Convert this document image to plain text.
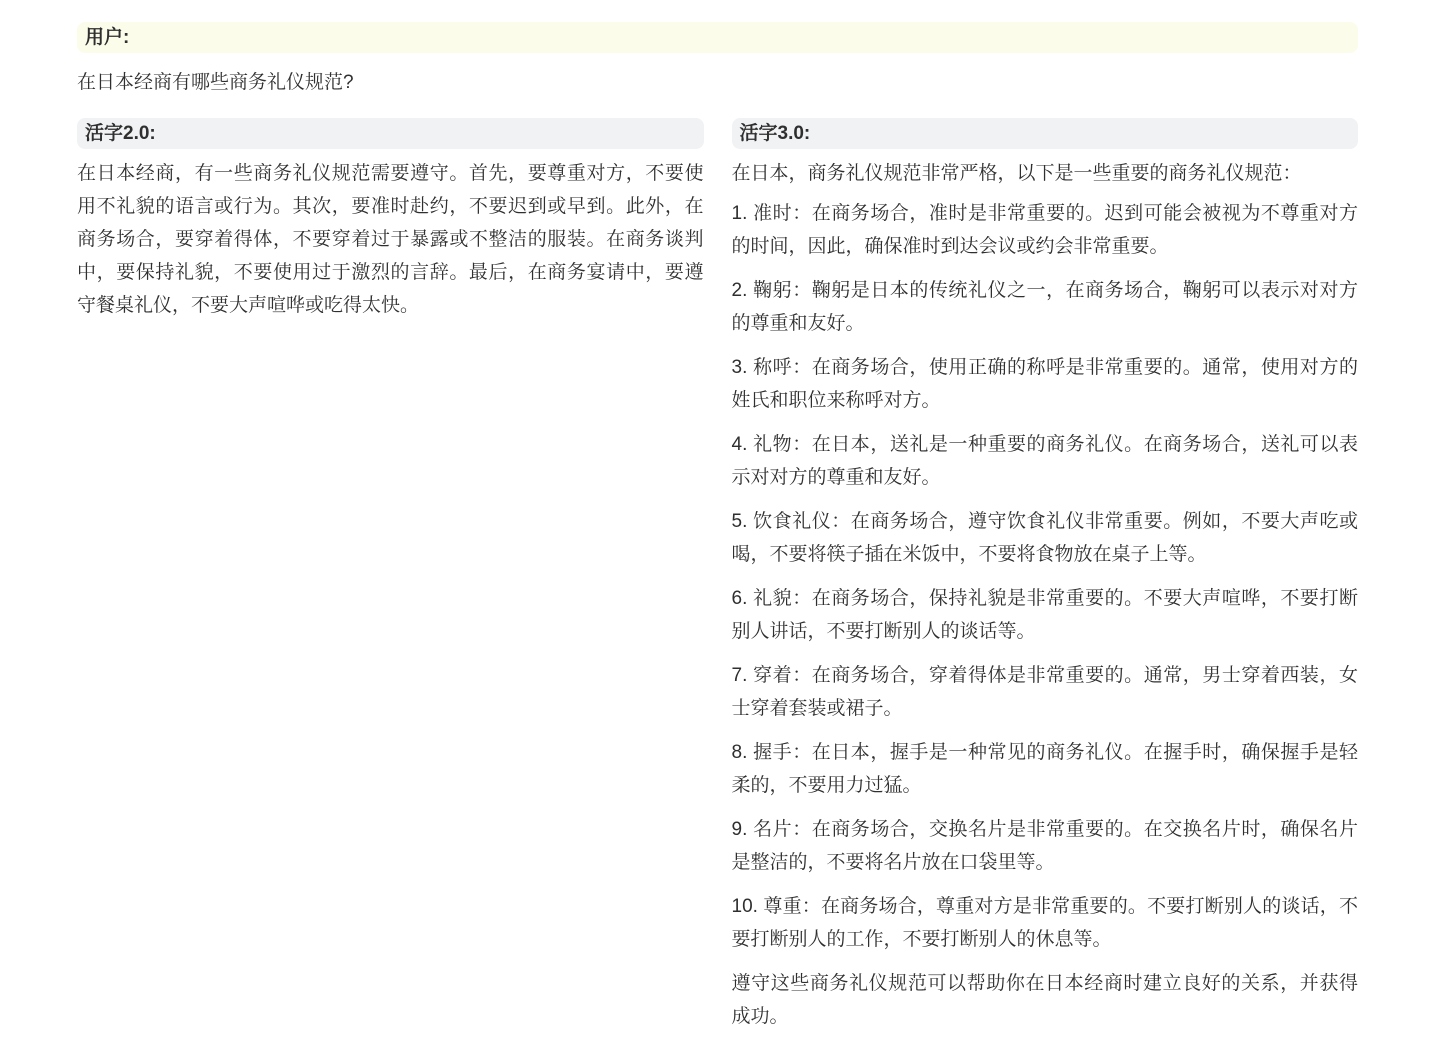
用户:
在日本经商有哪些商务礼仪规范?
活字2.0:

在日本经商，有一些商务礼仪规范需要遵守。首先，要尊重对方，不要使用不礼貌的语言或行为。其次，要准时赴约，不要迟到或早到。此外，在商务场合，要穿着得体，不要穿着过于暴露或不整洁的服装。在商务谈判中，要保持礼貌，不要使用过于激烈的言辞。最后，在商务宴请中，要遵守餐桌礼仪，不要大声喧哗或吃得太快。

活字3.0:

在日本，商务礼仪规范非常严格，以下是一些重要的商务礼仪规范：

1. 准时：在商务场合，准时是非常重要的。迟到可能会被视为不尊重对方的时间，因此，确保准时到达会议或约会非常重要。

2. 鞠躬：鞠躬是日本的传统礼仪之一，在商务场合，鞠躬可以表示对对方的尊重和友好。

3. 称呼：在商务场合，使用正确的称呼是非常重要的。通常，使用对方的姓氏和职位来称呼对方。

4. 礼物：在日本，送礼是一种重要的商务礼仪。在商务场合，送礼可以表示对对方的尊重和友好。

5. 饮食礼仪：在商务场合，遵守饮食礼仪非常重要。例如，不要大声吃或喝，不要将筷子插在米饭中，不要将食物放在桌子上等。

6. 礼貌：在商务场合，保持礼貌是非常重要的。不要大声喧哗，不要打断别人讲话，不要打断别人的谈话等。

7. 穿着：在商务场合，穿着得体是非常重要的。通常，男士穿着西装，女士穿着套装或裙子。

8. 握手：在日本，握手是一种常见的商务礼仪。在握手时，确保握手是轻柔的，不要用力过猛。

9. 名片：在商务场合，交换名片是非常重要的。在交换名片时，确保名片是整洁的，不要将名片放在口袋里等。

10. 尊重：在商务场合，尊重对方是非常重要的。不要打断别人的谈话，不要打断别人的工作，不要打断别人的休息等。

遵守这些商务礼仪规范可以帮助你在日本经商时建立良好的关系，并获得成功。
